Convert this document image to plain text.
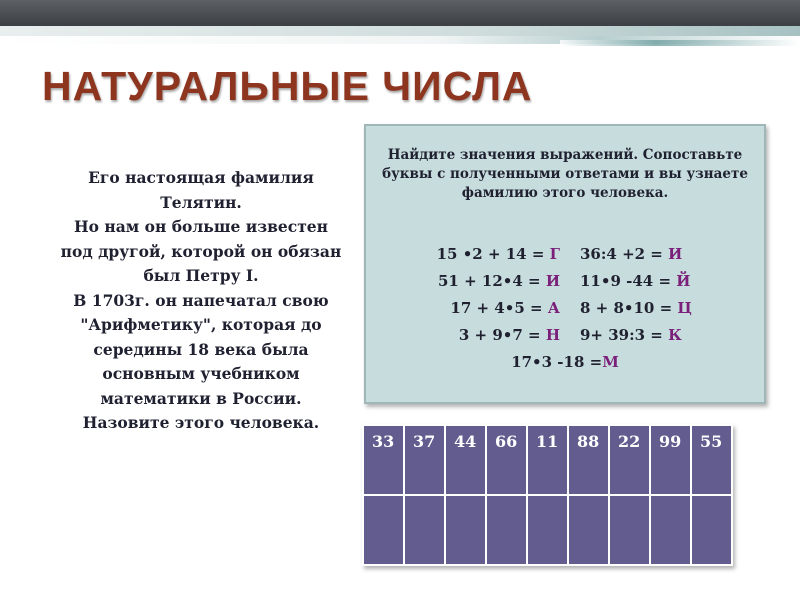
НАТУРАЛЬНЫЕ ЧИСЛА

Его настоящая фамилия Телятин.

Но нам он больше известен под другой, которой он обязан был Петру I.

В 1703г. он напечатал свою "Арифметику", которая до середины 18 века была основным учебником математики в России.

Назовите этого человека.

Найдите значения выражений. Сопоставьте буквы с полученными ответами и вы узнаете фамилию этого человека.
15 •2 + 14 = Г	36:4 +2 = И
51 + 12•4 = И	11•9 -44 = Й
17 + 4•5 = А	8 + 8•10 = Ц
3 + 9•7 = Н	9+ 39:3 = К
17•3 -18 =М
33	37	44	66	11	88	22	99	55
